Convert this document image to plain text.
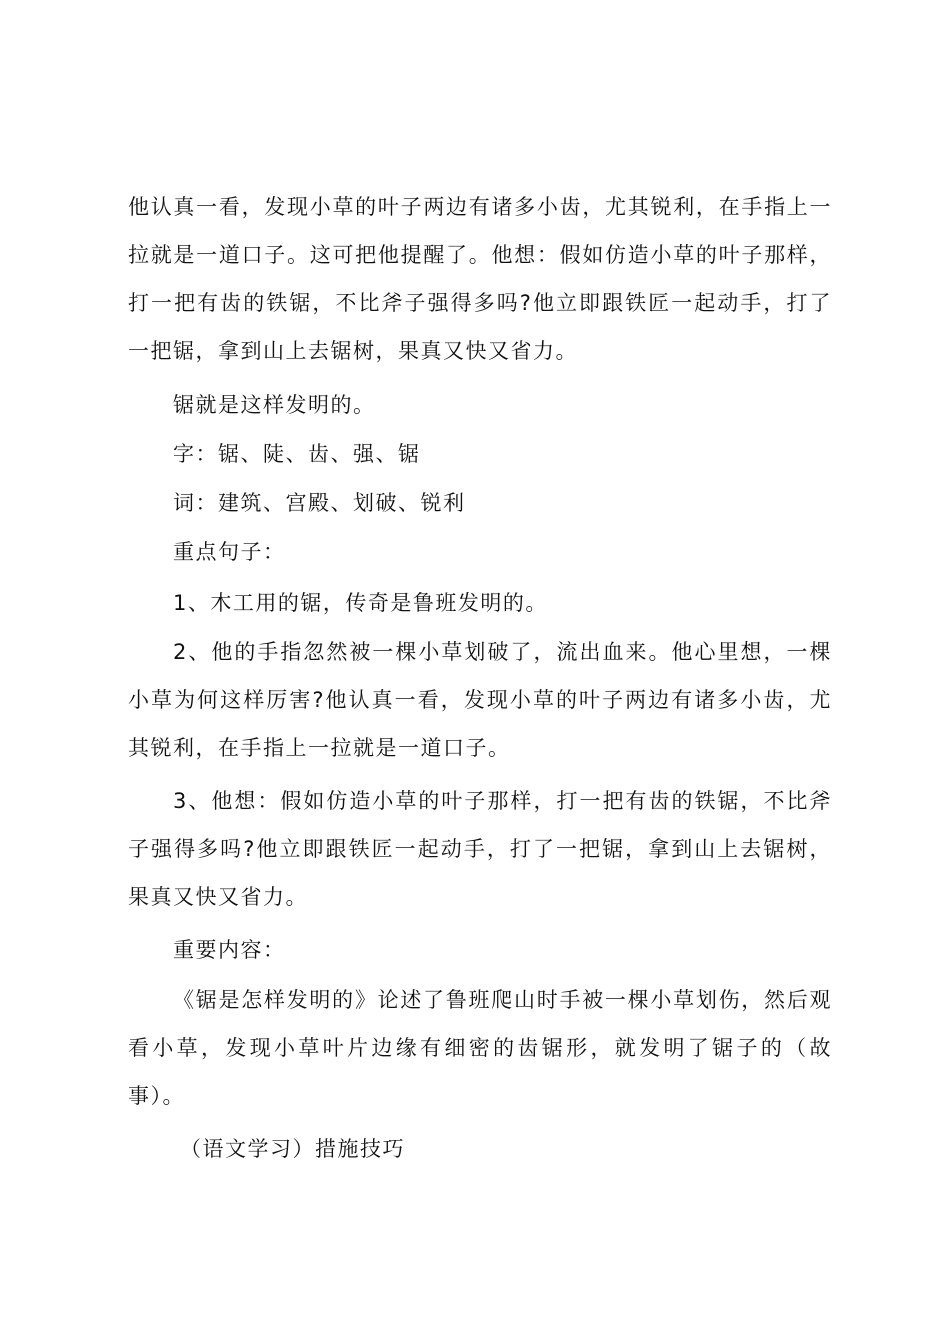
他认真一看，发现小草的叶子两边有诸多小齿，尤其锐利，在手指上一拉就是一道口子。这可把他提醒了。他想：假如仿造小草的叶子那样，打一把有齿的铁锯，不比斧子强得多吗?他立即跟铁匠一起动手，打了一把锯，拿到山上去锯树，果真又快又省力。

锯就是这样发明的。

字：锯、陡、齿、强、锯

词：建筑、宫殿、划破、锐利

重点句子：

1、木工用的锯，传奇是鲁班发明的。

2、他的手指忽然被一棵小草划破了，流出血来。他心里想，一棵小草为何这样厉害?他认真一看，发现小草的叶子两边有诸多小齿，尤其锐利，在手指上一拉就是一道口子。

3、他想：假如仿造小草的叶子那样，打一把有齿的铁锯，不比斧子强得多吗?他立即跟铁匠一起动手，打了一把锯，拿到山上去锯树，果真又快又省力。

重要内容：

《锯是怎样发明的》论述了鲁班爬山时手被一棵小草划伤，然后观看小草，发现小草叶片边缘有细密的齿锯形，就发明了锯子的（故事）。

（语文学习）措施技巧
